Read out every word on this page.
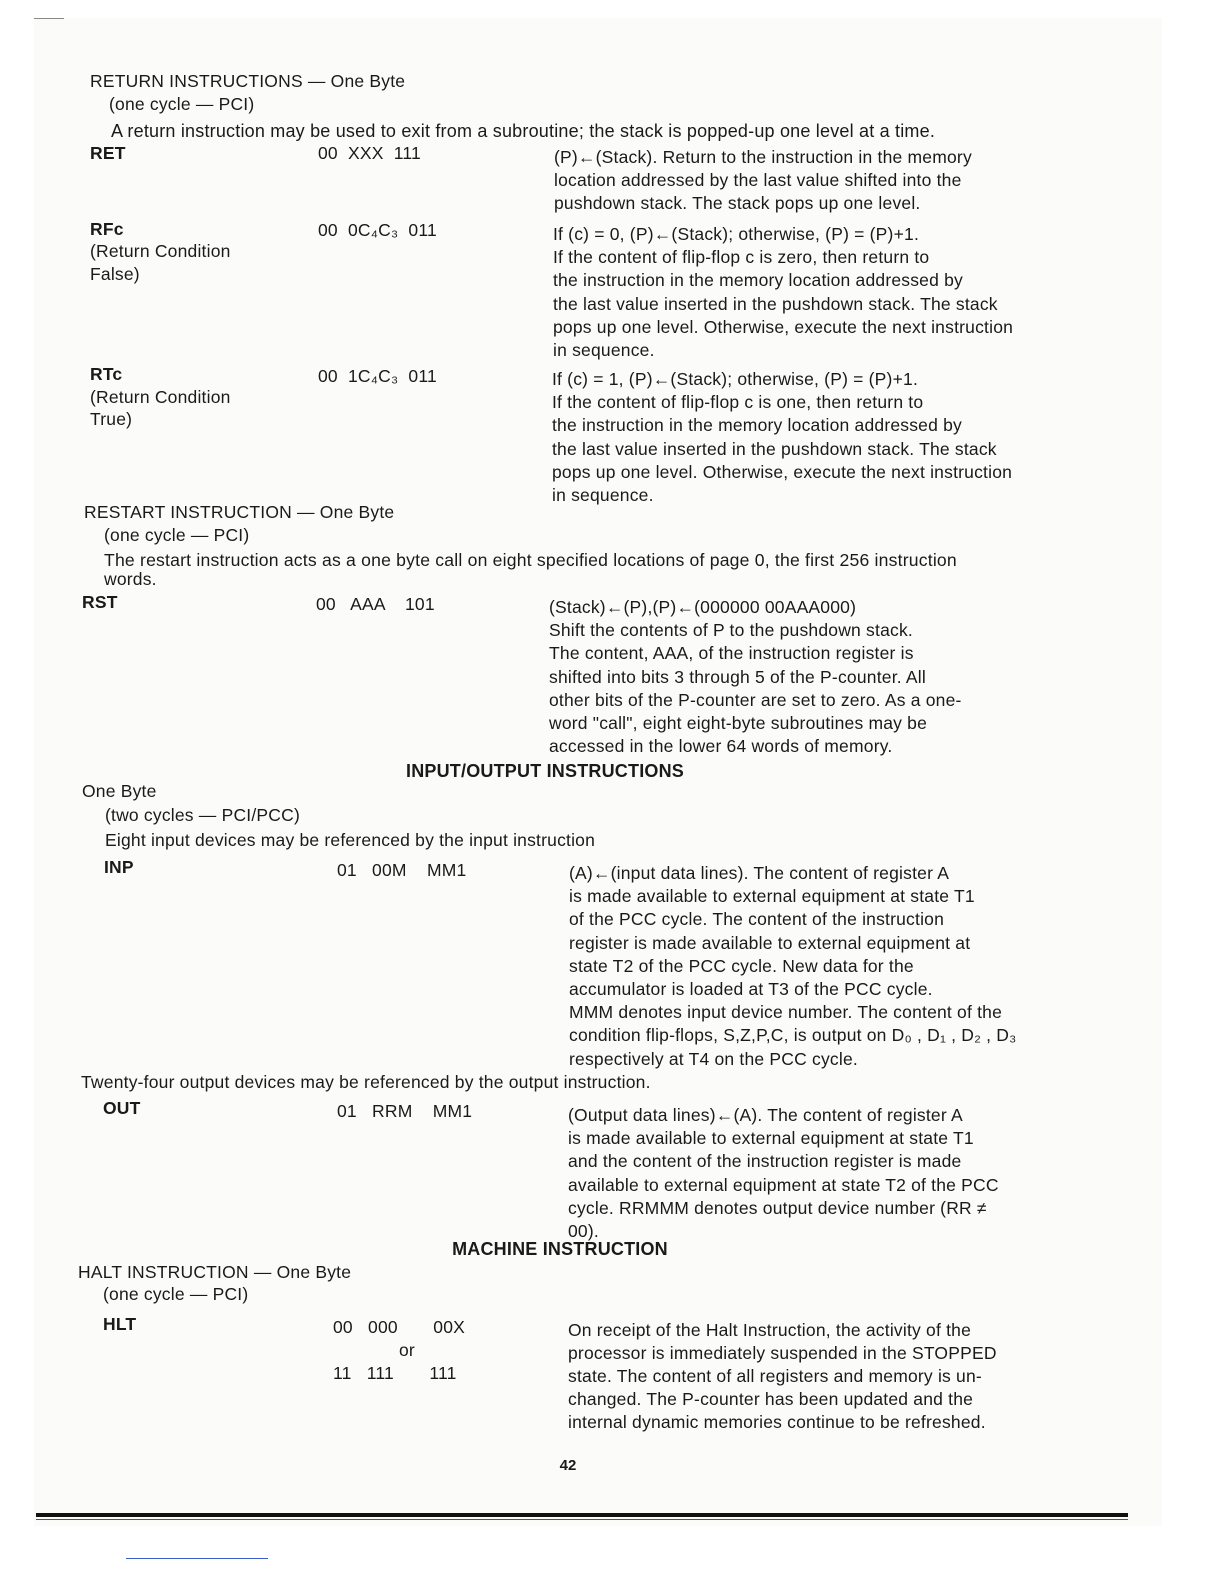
RETURN INSTRUCTIONS — One Byte
(one cycle — PCI)
A return instruction may be used to exit from a subroutine; the stack is popped-up one level at a time.
RET	00  XXX  111	(P)←(Stack). Return to the instruction in the memory
location addressed by the last value shifted into the
pushdown stack. The stack pops up one level.
RFc
(Return Condition
False)
00  0C₄C₃  011	If (c) = 0, (P)←(Stack); otherwise, (P) = (P)+1.
If the content of flip-flop c is zero, then return to
the instruction in the memory location addressed by
the last value inserted in the pushdown stack. The stack
pops up one level. Otherwise, execute the next instruction
in sequence.
RTc
(Return Condition
True)
00  1C₄C₃  011	If (c) = 1, (P)←(Stack); otherwise, (P) = (P)+1.
If the content of flip-flop c is one, then return to
the instruction in the memory location addressed by
the last value inserted in the pushdown stack. The stack
pops up one level. Otherwise, execute the next instruction
in sequence.
RESTART INSTRUCTION — One Byte
(one cycle — PCI)
The restart instruction acts as a one byte call on eight specified locations of page 0, the first 256 instruction
words.
RST	00   AAA    101	(Stack)←(P),(P)←(000000 00AAA000)
Shift the contents of P to the pushdown stack.
The content, AAA, of the instruction register is
shifted into bits 3 through 5 of the P-counter. All
other bits of the P-counter are set to zero. As a one-
word "call", eight eight-byte subroutines may be
accessed in the lower 64 words of memory.
INPUT/OUTPUT INSTRUCTIONS
One Byte
(two cycles — PCI/PCC)
Eight input devices may be referenced by the input instruction
INP	01   00M    MM1	(A)←(input data lines). The content of register A
is made available to external equipment at state T1
of the PCC cycle. The content of the instruction
register is made available to external equipment at
state T2 of the PCC cycle. New data for the
accumulator is loaded at T3 of the PCC cycle.
MMM denotes input device number. The content of the
condition flip-flops, S,Z,P,C, is output on D₀ , D₁ , D₂ , D₃
respectively at T4 on the PCC cycle.
Twenty-four output devices may be referenced by the output instruction.
OUT	01   RRM    MM1	(Output data lines)←(A). The content of register A
is made available to external equipment at state T1
and the content of the instruction register is made
available to external equipment at state T2 of the PCC
cycle. RRMMM denotes output device number (RR ≠
00).
MACHINE INSTRUCTION
HALT INSTRUCTION — One Byte
(one cycle — PCI)
HLT	00   000       00X
or
11   111       111
On receipt of the Halt Instruction, the activity of the
processor is immediately suspended in the STOPPED
state. The content of all registers and memory is un-
changed. The P-counter has been updated and the
internal dynamic memories continue to be refreshed.
42
